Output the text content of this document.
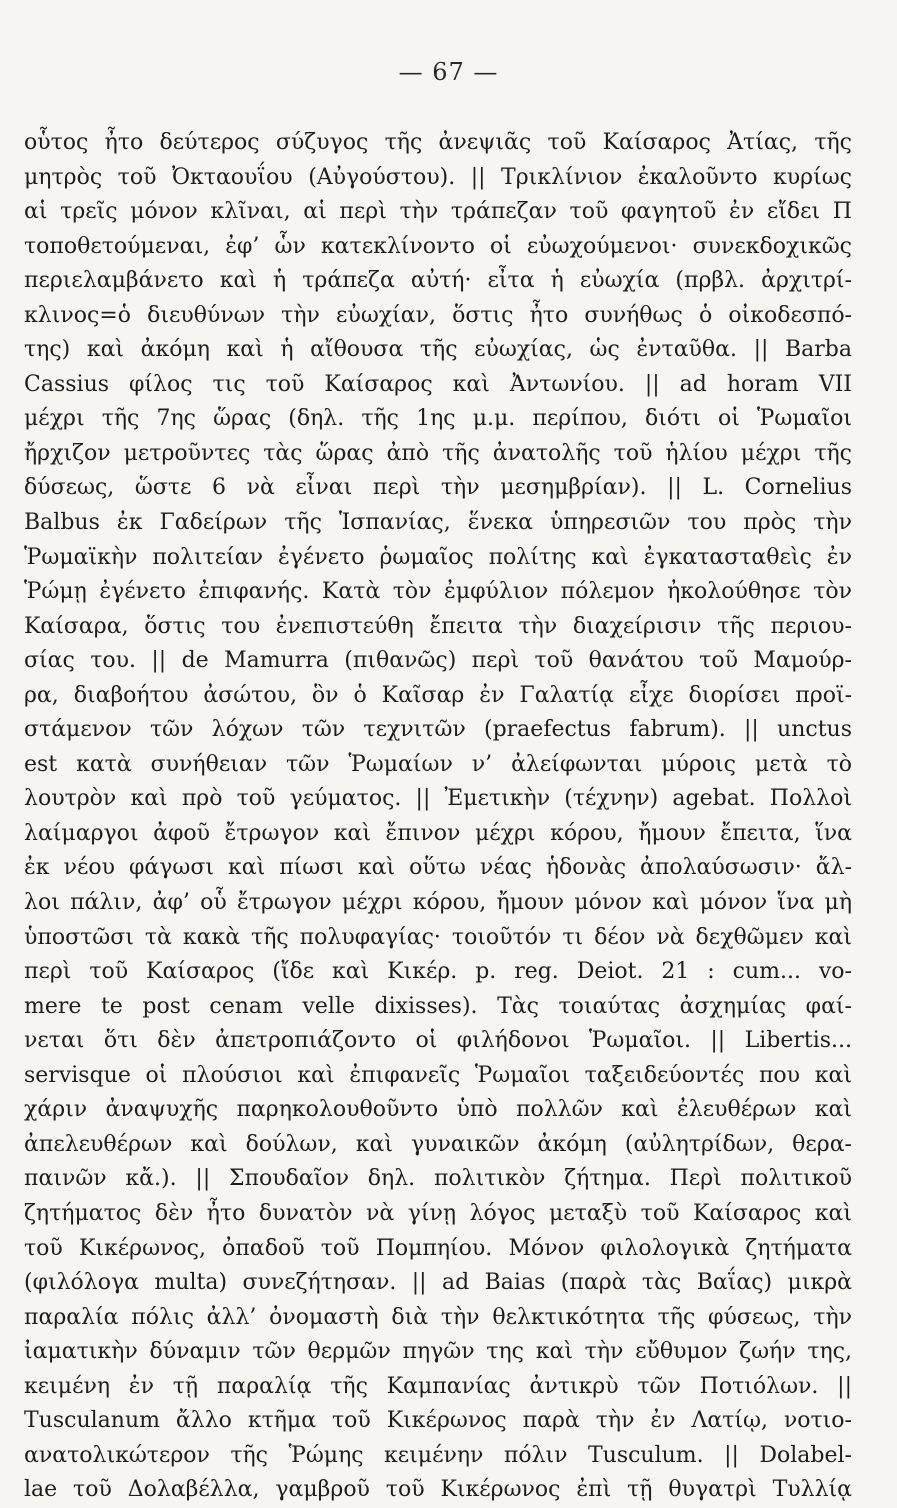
— 67 —
οὗτος ἦτο δεύτερος σύζυγος τῆς ἀνεψιᾶς τοῦ Καίσαρος Ἀτίας, τῆς
μητρὸς τοῦ Ὀκταουΐου (Αὐγούστου). || Τρικλίνιον ἐκαλοῦντο κυρίως
αἱ τρεῖς μόνον κλῖναι, αἱ περὶ τὴν τράπεζαν τοῦ φαγητοῦ ἐν εἴδει Π
τοποθετούμεναι, ἐφ’ ὧν κατεκλίνοντο οἱ εὐωχούμενοι· συνεκδοχικῶς
περιελαμβάνετο καὶ ἡ τράπεζα αὐτή· εἶτα ἡ εὐωχία (πρβλ. ἀρχιτρί-
κλινος=ὁ διευθύνων τὴν εὐωχίαν, ὅστις ἦτο συνήθως ὁ οἰκοδεσπό-
της) καὶ ἀκόμη καὶ ἡ αἴθουσα τῆς εὐωχίας, ὡς ἐνταῦθα. || Barba
Cassius φίλος τις τοῦ Καίσαρος καὶ Ἀντωνίου. || ad horam VII
μέχρι τῆς 7ης ὥρας (δηλ. τῆς 1ης μ.μ. περίπου, διότι οἱ Ῥωμαῖοι
ἤρχιζον μετροῦντες τὰς ὥρας ἀπὸ τῆς ἀνατολῆς τοῦ ἡλίου μέχρι τῆς
δύσεως, ὥστε 6 νὰ εἶναι περὶ τὴν μεσημβρίαν). || L. Cornelius
Balbus ἐκ Γαδείρων τῆς Ἱσπανίας, ἕνεκα ὑπηρεσιῶν του πρὸς τὴν
Ῥωμαϊκὴν πολιτείαν ἐγένετο ῥωμαῖος πολίτης καὶ ἐγκατασταθεὶς ἐν
Ῥώμῃ ἐγένετο ἐπιφανής. Κατὰ τὸν ἐμφύλιον πόλεμον ἠκολούθησε τὸν
Καίσαρα, ὅστις του ἐνεπιστεύθη ἔπειτα τὴν διαχείρισιν τῆς περιου-
σίας του. || de Mamurra (πιθανῶς) περὶ τοῦ θανάτου τοῦ Μαμούρ-
ρα, διαβοήτου ἀσώτου, ὃν ὁ Καῖσαρ ἐν Γαλατίᾳ εἶχε διορίσει προϊ-
στάμενον τῶν λόχων τῶν τεχνιτῶν (praefectus fabrum). || unctus
est κατὰ συνήθειαν τῶν Ῥωμαίων ν’ ἀλείφωνται μύροις μετὰ τὸ
λουτρὸν καὶ πρὸ τοῦ γεύματος. || Ἐμετικὴν (τέχνην) agebat. Πολλοὶ
λαίμαργοι ἀφοῦ ἔτρωγον καὶ ἔπινον μέχρι κόρου, ἤμουν ἔπειτα, ἵνα
ἐκ νέου φάγωσι καὶ πίωσι καὶ οὕτω νέας ἡδονὰς ἀπολαύσωσιν· ἄλ-
λοι πάλιν, ἀφ’ οὗ ἔτρωγον μέχρι κόρου, ἤμουν μόνον καὶ μόνον ἵνα μὴ
ὑποστῶσι τὰ κακὰ τῆς πολυφαγίας· τοιοῦτόν τι δέον νὰ δεχθῶμεν καὶ
περὶ τοῦ Καίσαρος (ἴδε καὶ Κικέρ. p. reg. Deiot. 21 : cum... vo-
mere te post cenam velle dixisses). Τὰς τοιαύτας ἀσχημίας φαί-
νεται ὅτι δὲν ἀπετροπιάζοντο οἱ φιλήδονοι Ῥωμαῖοι. || Libertis...
servisque οἱ πλούσιοι καὶ ἐπιφανεῖς Ῥωμαῖοι ταξειδεύοντές που καὶ
χάριν ἀναψυχῆς παρηκολουθοῦντο ὑπὸ πολλῶν καὶ ἐλευθέρων καὶ
ἀπελευθέρων καὶ δούλων, καὶ γυναικῶν ἀκόμη (αὐλητρίδων, θερα-
παινῶν κἄ.). || Σπουδαῖον δηλ. πολιτικὸν ζήτημα. Περὶ πολιτικοῦ
ζητήματος δὲν ἦτο δυνατὸν νὰ γίνῃ λόγος μεταξὺ τοῦ Καίσαρος καὶ
τοῦ Κικέρωνος, ὀπαδοῦ τοῦ Πομπηίου. Μόνον φιλολογικὰ ζητήματα
(φιλόλογα multa) συνεζήτησαν. || ad Baias (παρὰ τὰς Βαΐας) μικρὰ
παραλία πόλις ἀλλ’ ὀνομαστὴ διὰ τὴν θελκτικότητα τῆς φύσεως, τὴν
ἰαματικὴν δύναμιν τῶν θερμῶν πηγῶν της καὶ τὴν εὔθυμον ζωήν της,
κειμένη ἐν τῇ παραλίᾳ τῆς Καμπανίας ἀντικρὺ τῶν Ποτιόλων. ||
Tusculanum ἄλλο κτῆμα τοῦ Κικέρωνος παρὰ τὴν ἐν Λατίῳ, νοτιο-
ανατολικώτερον τῆς Ῥώμης κειμένην πόλιν Tusculum. || Dolabel-
lae τοῦ Δολαβέλλα, γαμβροῦ τοῦ Κικέρωνος ἐπὶ τῇ θυγατρὶ Τυλλίᾳ
